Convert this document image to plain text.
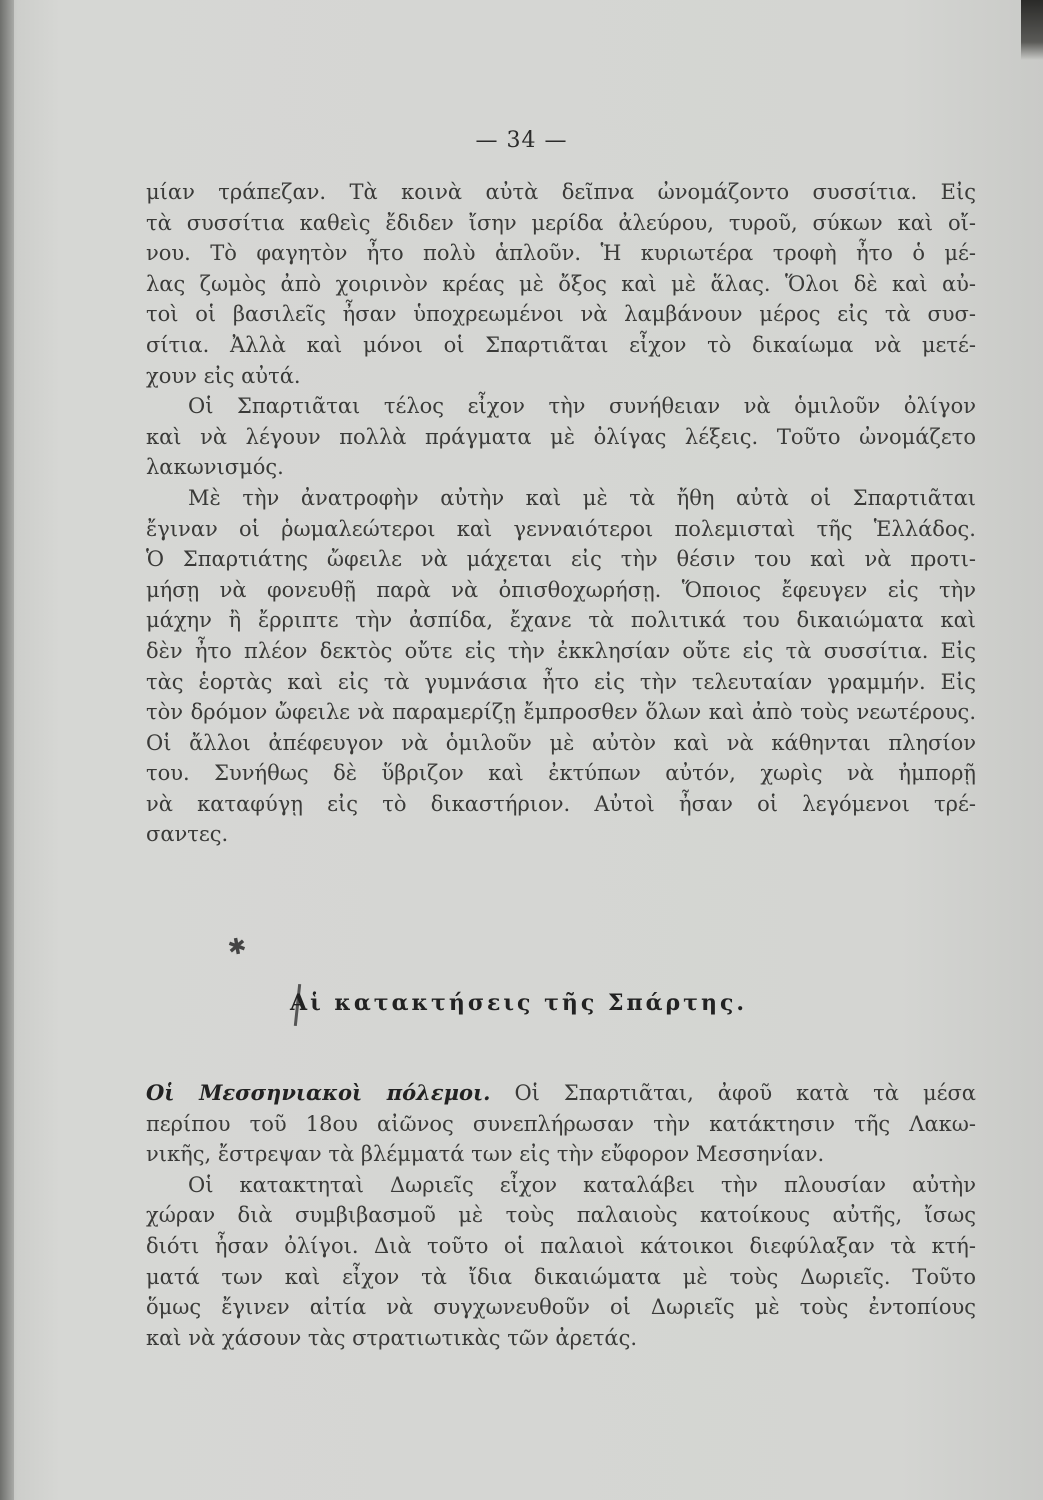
— 34 —
μίαν τράπεζαν. Τὰ κοινὰ αὐτὰ δεῖπνα ὠνομάζοντο συσσίτια. Εἰς
τὰ συσσίτια καθεὶς ἔδιδεν ἴσην μερίδα ἀλεύρου, τυροῦ, σύκων καὶ οἴ-
νου. Τὸ φαγητὸν ἦτο πολὺ ἁπλοῦν. Ἡ κυριωτέρα τροφὴ ἦτο ὁ μέ-
λας ζωμὸς ἀπὸ χοιρινὸν κρέας μὲ ὄξος καὶ μὲ ἅλας. Ὅλοι δὲ καὶ αὐ-
τοὶ οἱ βασιλεῖς ἦσαν ὑποχρεωμένοι νὰ λαμβάνουν μέρος εἰς τὰ συσ-
σίτια. Ἀλλὰ καὶ μόνοι οἱ Σπαρτιᾶται εἶχον τὸ δικαίωμα νὰ μετέ-
χουν εἰς αὐτά.
Οἱ Σπαρτιᾶται τέλος εἶχον τὴν συνήθειαν νὰ ὁμιλοῦν ὀλίγον
καὶ νὰ λέγουν πολλὰ πράγματα μὲ ὀλίγας λέξεις. Τοῦτο ὠνομάζετο
λακωνισμός.
Μὲ τὴν ἀνατροφὴν αὐτὴν καὶ μὲ τὰ ἤθη αὐτὰ οἱ Σπαρτιᾶται
ἔγιναν οἱ ῥωμαλεώτεροι καὶ γενναιότεροι πολεμισταὶ τῆς Ἑλλάδος.
Ὁ Σπαρτιάτης ὤφειλε νὰ μάχεται εἰς τὴν θέσιν του καὶ νὰ προτι-
μήσῃ νὰ φονευθῇ παρὰ νὰ ὀπισθοχωρήσῃ. Ὅποιος ἔφευγεν εἰς τὴν
μάχην ἢ ἔρριπτε τὴν ἀσπίδα, ἔχανε τὰ πολιτικά του δικαιώματα καὶ
δὲν ἦτο πλέον δεκτὸς οὔτε εἰς τὴν ἐκκλησίαν οὔτε εἰς τὰ συσσίτια. Εἰς
τὰς ἑορτὰς καὶ εἰς τὰ γυμνάσια ἦτο εἰς τὴν τελευταίαν γραμμήν. Εἰς
τὸν δρόμον ὤφειλε νὰ παραμερίζῃ ἔμπροσθεν ὅλων καὶ ἀπὸ τοὺς νεωτέρους.
Οἱ ἄλλοι ἀπέφευγον νὰ ὁμιλοῦν μὲ αὐτὸν καὶ νὰ κάθηνται πλησίον
του. Συνήθως δὲ ὕβριζον καὶ ἐκτύπων αὐτόν, χωρὶς νὰ ἠμπορῇ
νὰ καταφύγῃ εἰς τὸ δικαστήριον. Αὐτοὶ ἦσαν οἱ λεγόμενοι τρέ-
σαντες.
✱
Αἱ κατακτήσεις τῆς Σπάρτης.
Οἱ Μεσσηνιακοὶ πόλεμοι. Οἱ Σπαρτιᾶται, ἀφοῦ κατὰ τὰ μέσα
περίπου τοῦ 18ου αἰῶνος συνεπλήρωσαν τὴν κατάκτησιν τῆς Λακω-
νικῆς, ἔστρεψαν τὰ βλέμματά των εἰς τὴν εὔφορον Μεσσηνίαν.
Οἱ κατακτηταὶ Δωριεῖς εἶχον καταλάβει τὴν πλουσίαν αὐτὴν
χώραν διὰ συμβιβασμοῦ μὲ τοὺς παλαιοὺς κατοίκους αὐτῆς, ἴσως
διότι ἦσαν ὀλίγοι. Διὰ τοῦτο οἱ παλαιοὶ κάτοικοι διεφύλαξαν τὰ κτή-
ματά των καὶ εἶχον τὰ ἴδια δικαιώματα μὲ τοὺς Δωριεῖς. Τοῦτο
ὅμως ἔγινεν αἰτία νὰ συγχωνευθοῦν οἱ Δωριεῖς μὲ τοὺς ἐντοπίους
καὶ νὰ χάσουν τὰς στρατιωτικὰς τῶν ἀρετάς.
